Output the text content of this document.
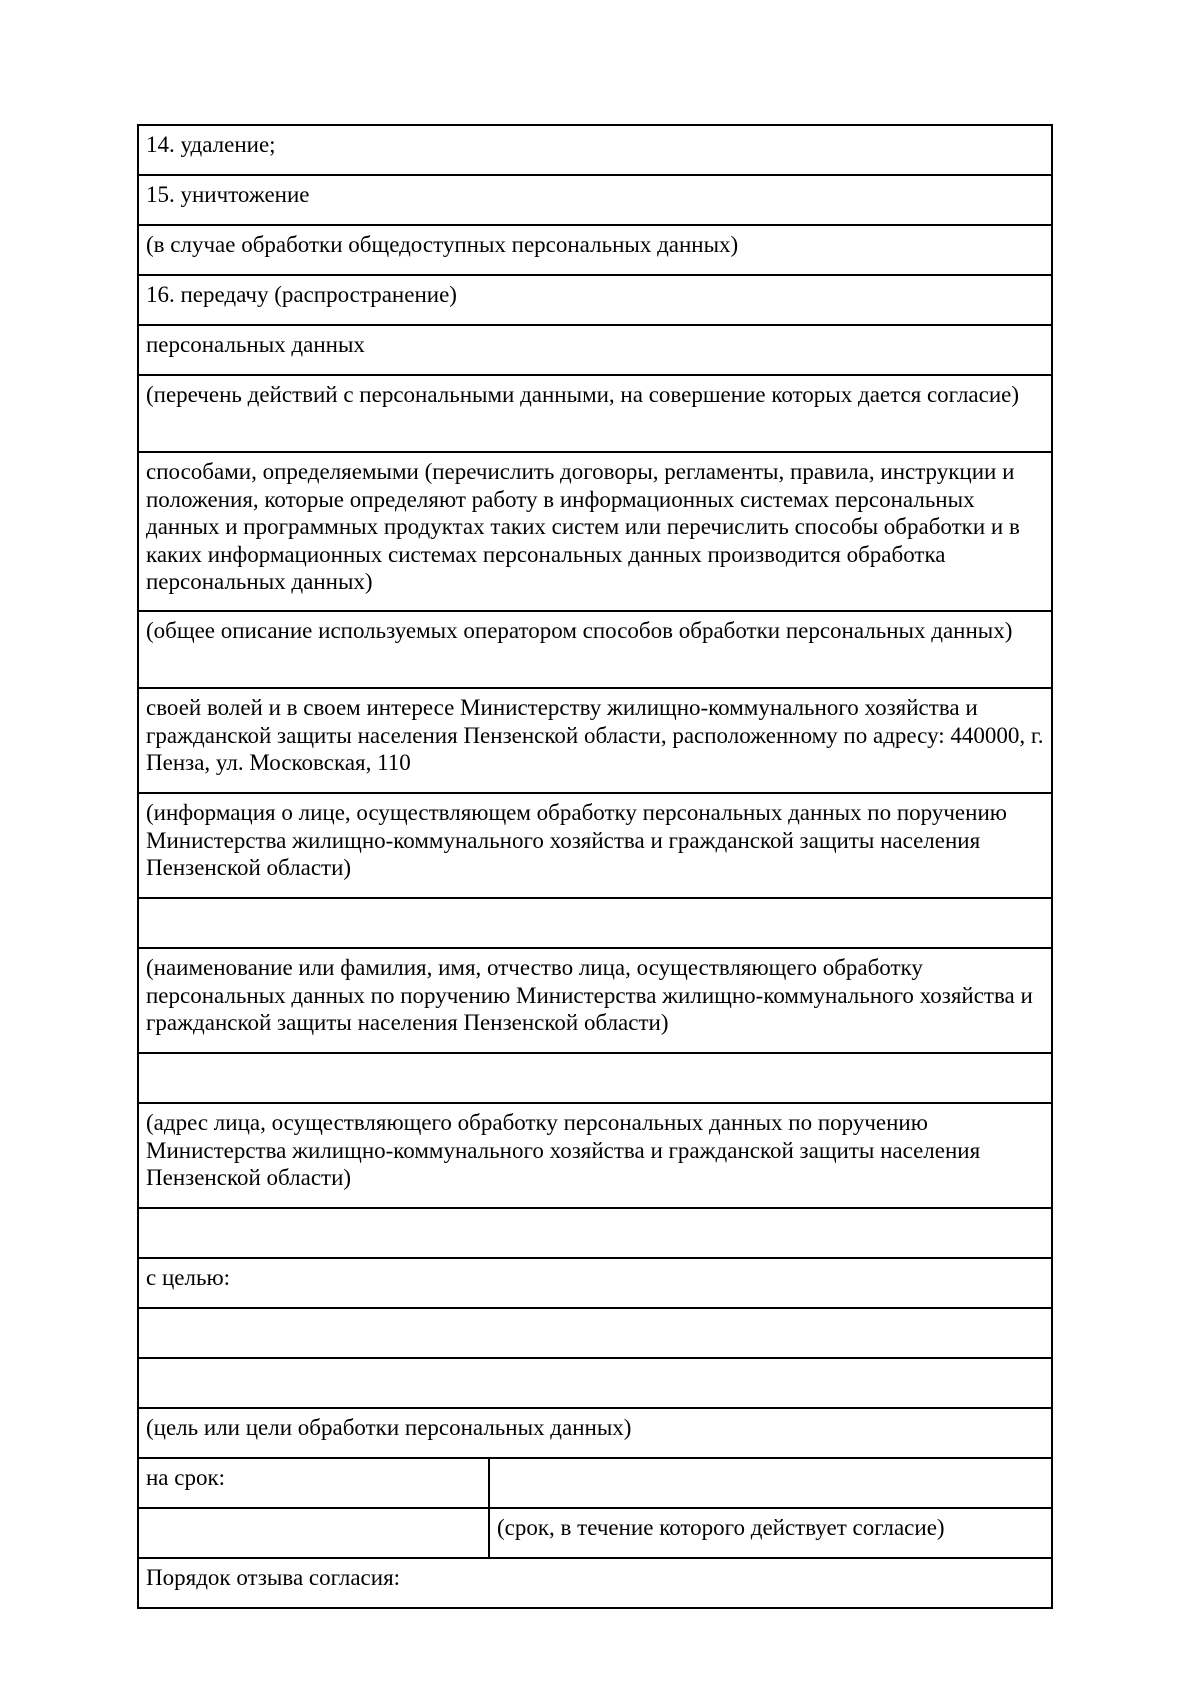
14. удаление;	
15. уничтожение	
(в случае обработки общедоступных персональных данных)	
16. передачу (распространение)	
персональных данных	
(перечень действий с персональными данными, на совершение которых дается согласие)	
способами, определяемыми (перечислить договоры, регламенты, правила, инструкции и положения, которые определяют работу в информационных системах персональных данных и программных продуктах таких систем или перечислить способы обработки и в каких информационных системах персональных данных производится обработка персональных данных)	
(общее описание используемых оператором способов обработки персональных данных)	
своей волей и в своем интересе Министерству жилищно-коммунального хозяйства и гражданской защиты населения Пензенской области, расположенному по адресу: 440000, г. Пенза, ул. Московская, 110	
(информация о лице, осуществляющем обработку персональных данных по поручению Министерства жилищно-коммунального хозяйства и гражданской защиты населения Пензенской области)	

(наименование или фамилия, имя, отчество лица, осуществляющего обработку персональных данных по поручению Министерства жилищно-коммунального хозяйства и гражданской защиты населения Пензенской области)	

(адрес лица, осуществляющего обработку персональных данных по поручению Министерства жилищно-коммунального хозяйства и гражданской защиты населения Пензенской области)	

с целью:	

(цель или цели обработки персональных данных)	
на срок:	
	(срок, в течение которого действует согласие)
Порядок отзыва согласия:	
